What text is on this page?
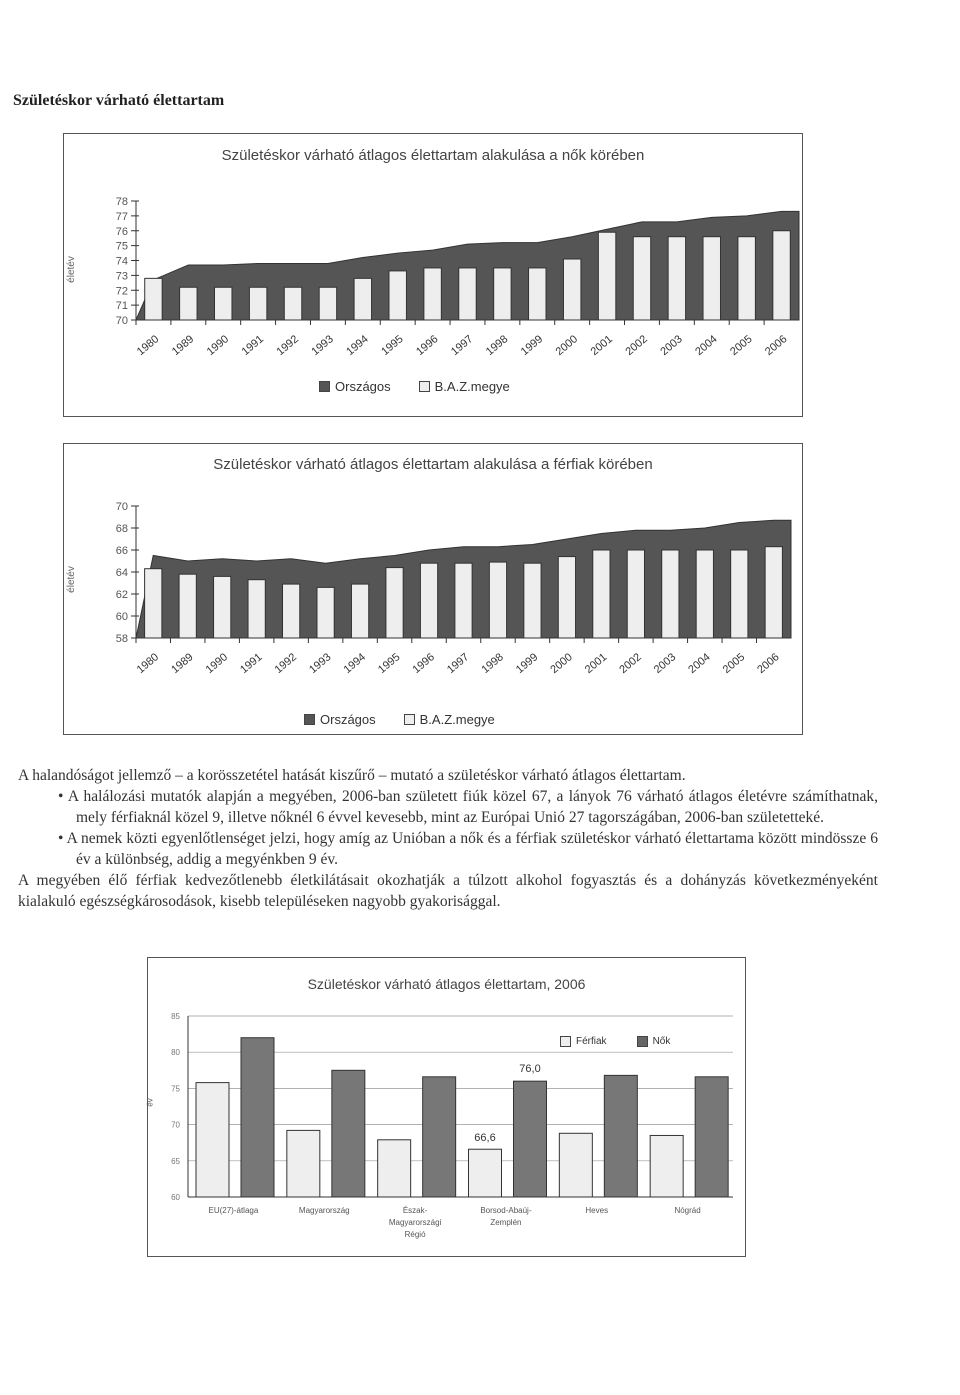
Születéskor várható élettartam
Születéskor várható átlagos élettartam alakulása a nők körében
életév
70
71
72
73
74
75
76
77
78
1980 1989 1990 1991 1992 1993 1994 1995 1996 1997 1998 1999 2000 2001 2002 2003 2004 2005 2006
Országos	B.A.Z.megye
Születéskor várható átlagos élettartam alakulása a férfiak körében
életév
58
60
62
64
66
68
70
1980 1989 1990 1991 1992 1993 1994 1995 1996 1997 1998 1999 2000 2001 2002 2003 2004 2005 2006
Országos	B.A.Z.megye

A halandóságot jellemző – a korösszetétel hatását kiszűrő – mutató a születéskor várható átlagos élettartam.

• A halálozási mutatók alapján a megyében, 2006-ban született fiúk közel 67, a lányok 76 várható átlagos életévre számíthatnak, mely férfiaknál közel 9, illetve nőknél 6 évvel kevesebb, mint az Európai Unió 27 tagországában, 2006-ban születetteké.

• A nemek közti egyenlőtlenséget jelzi, hogy amíg az Unióban a nők és a férfiak születéskor várható élettartama között mindössze 6 év a különbség, addig a megyénkben 9 év.

A megyében élő férfiak kedvezőtlenebb életkilátásait okozhatják a túlzott alkohol fogyasztás és a dohányzás következményeként kialakuló egészségkárosodások, kisebb településeken nagyobb gyakorisággal.

Születéskor várható átlagos élettartam, 2006
év
60
65
70
75
80
85
EU(27)-átlaga	Magyarország	Észak-
Magyarországi
Régió
Borsod-Abaúj-
Zemplén
Heves	Nógrád
76,0
66,6
Férfiak	Nők
